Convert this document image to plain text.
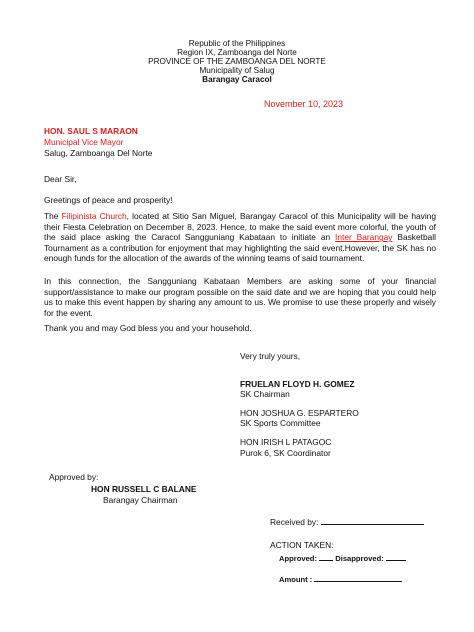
Republic of the Philippines
Region IX, Zamboanga del Norte
PROVINCE OF THE ZAMBOANGA DEL NORTE
Municipality of Salug
Barangay Caracol
November 10, 2023
HON. SAUL S MARAON
Municipal Vice Mayor
Salug, Zamboanga Del Norte
Dear Sir,
Greetings of peace and prosperity!
The Filipinista Church, located at Sitio San Miguel, Barangay Caracol of this Municipality will be having their Fiesta Celebration on December 8, 2023. Hence, to make the said event more colorful, the youth of the said place asking the Caracol Sangguniang Kabataan to initiate an Inter Barangay Basketball Tournament as a contribution for enjoyment that may highlighting the said event.However, the SK has no enough funds for the allocation of the awards of the winning teams of said tournament.
In this connection, the Sangguniang Kabataan Members are asking some of your financial support/assistance to make our program possible on the said date and we are hoping that you could help us to make this event happen by sharing any amount to us. We promise to use these properly and wisely for the event.
Thank you and may God bless you and your household.
Very truly yours,
FRUELAN FLOYD H. GOMEZ
SK Chairman
HON JOSHUA G. ESPARTERO
SK Sports Committee
HON IRISH L PATAGOC
Purok 6, SK Coordinator
Approved by:
HON RUSSELL C BALANE
Barangay Chairman
Received by:
ACTION TAKEN:
Approved: Disapproved:
Amount :
